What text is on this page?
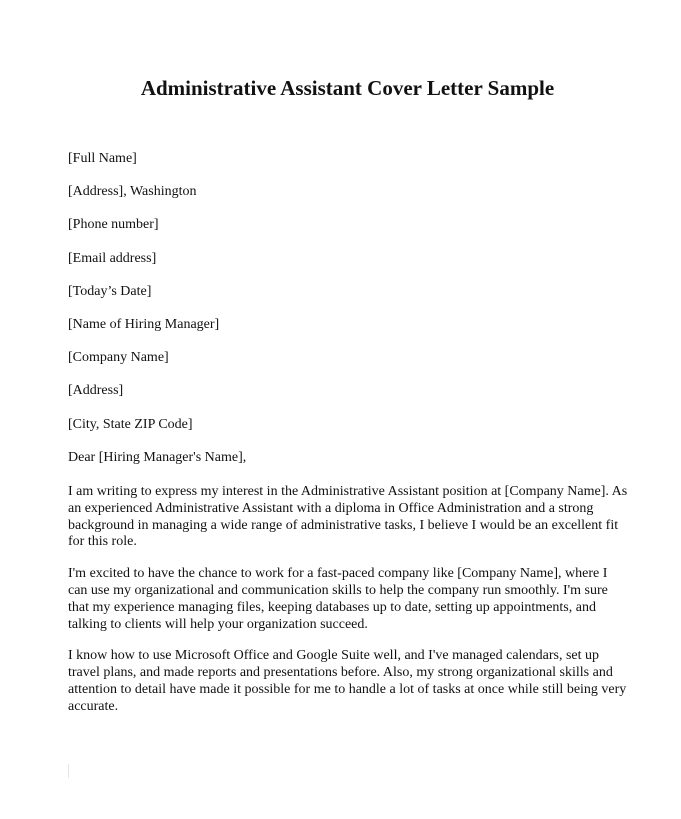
Administrative Assistant Cover Letter Sample

[Full Name]

[Address], Washington

[Phone number]

[Email address]

[Today’s Date]

[Name of Hiring Manager]

[Company Name]

[Address]

[City, State ZIP Code]

Dear [Hiring Manager's Name],

I am writing to express my interest in the Administrative Assistant position at [Company Name]. As an experienced Administrative Assistant with a diploma in Office Administration and a strong background in managing a wide range of administrative tasks, I believe I would be an excellent fit for this role.

I'm excited to have the chance to work for a fast-paced company like [Company Name], where I can use my organizational and communication skills to help the company run smoothly. I'm sure that my experience managing files, keeping databases up to date, setting up appointments, and talking to clients will help your organization succeed.

I know how to use Microsoft Office and Google Suite well, and I've managed calendars, set up travel plans, and made reports and presentations before. Also, my strong organizational skills and attention to detail have made it possible for me to handle a lot of tasks at once while still being very accurate.
